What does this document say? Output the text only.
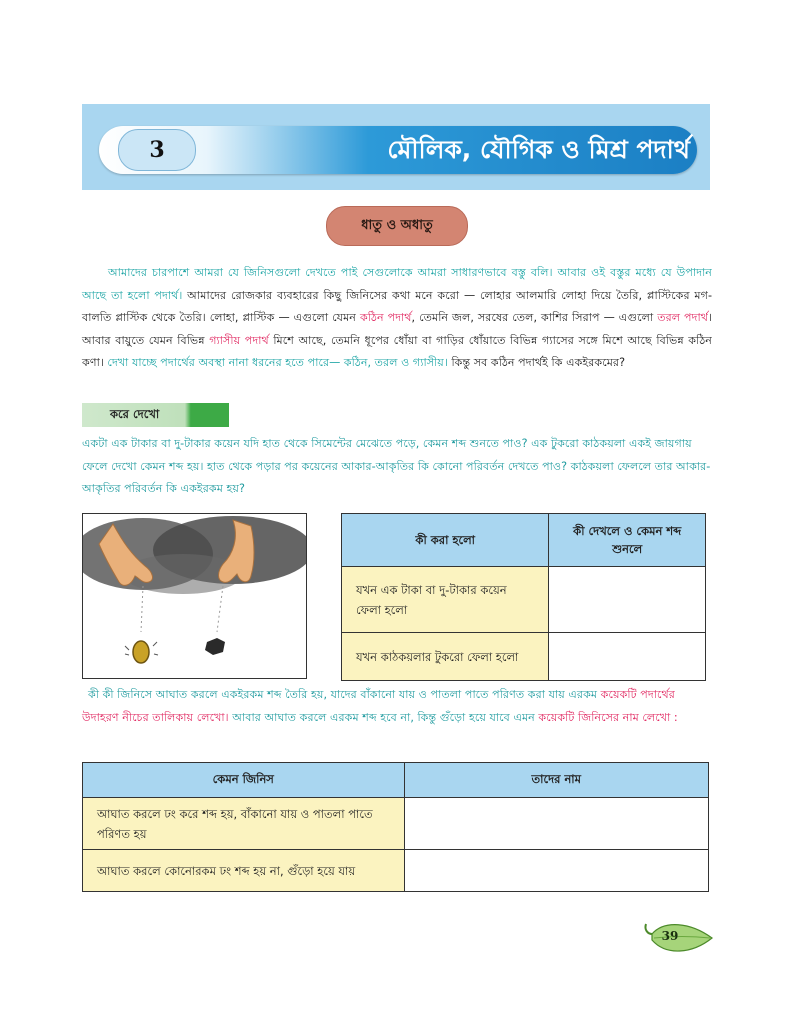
3	মৌলিক, যৌগিক ও মিশ্র পদার্থ
ধাতু ও অধাতু
আমাদের চারপাশে আমরা যে জিনিসগুলো দেখতে পাই সেগুলোকে আমরা সাধারণভাবে বস্তু বলি। আবার ওই বস্তুর মধ্যে যে উপাদান আছে তা হলো পদার্থ। আমাদের রোজকার ব্যবহারের কিছু জিনিসের কথা মনে করো — লোহার আলমারি লোহা দিয়ে তৈরি, প্লাস্টিকের মগ-বালতি প্লাস্টিক থেকে তৈরি। লোহা, প্লাস্টিক — এগুলো যেমন কঠিন পদার্থ, তেমনি জল, সরষের তেল, কাশির সিরাপ — এগুলো তরল পদার্থ। আবার বায়ুতে যেমন বিভিন্ন গ্যাসীয় পদার্থ মিশে আছে, তেমনি ধূপের ধোঁয়া বা গাড়ির ধোঁয়াতে বিভিন্ন গ্যাসের সঙ্গে মিশে আছে বিভিন্ন কঠিন কণা। দেখা যাচ্ছে পদার্থের অবস্থা নানা ধরনের হতে পারে— কঠিন, তরল ও গ্যাসীয়। কিন্তু সব কঠিন পদার্থই কি একইরকমের?
করে দেখো
একটা এক টাকার বা দু-টাকার কয়েন যদি হাত থেকে সিমেন্টের মেঝেতে পড়ে, কেমন শব্দ শুনতে পাও? এক টুকরো কাঠকয়লা একই জায়গায় ফেলে দেখো কেমন শব্দ হয়। হাত থেকে পড়ার পর কয়েনের আকার-আকৃতির কি কোনো পরিবর্তন দেখতে পাও? কাঠকয়লা ফেললে তার আকার-আকৃতির পরিবর্তন কি একইরকম হয়?
কী করা হলো	কী দেখলে ও কেমন শব্দ শুনলে
যখন এক টাকা বা দু-টাকার কয়েন ফেলা হলো	
যখন কাঠকয়লার টুকরো ফেলা হলো	
কী কী জিনিসে আঘাত করলে একইরকম শব্দ তৈরি হয়, যাদের বাঁকানো যায় ও পাতলা পাতে পরিণত করা যায় এরকম কয়েকটি পদার্থের উদাহরণ নীচের তালিকায় লেখো। আবার আঘাত করলে এরকম শব্দ হবে না, কিন্তু গুঁড়ো হয়ে যাবে এমন কয়েকটি জিনিসের নাম লেখো :
কেমন জিনিস	তাদের নাম
আঘাত করলে ঢং করে শব্দ হয়, বাঁকানো যায় ও পাতলা পাতে পরিণত হয়	
আঘাত করলে কোনোরকম ঢং শব্দ হয় না, গুঁড়ো হয়ে যায়	
39
